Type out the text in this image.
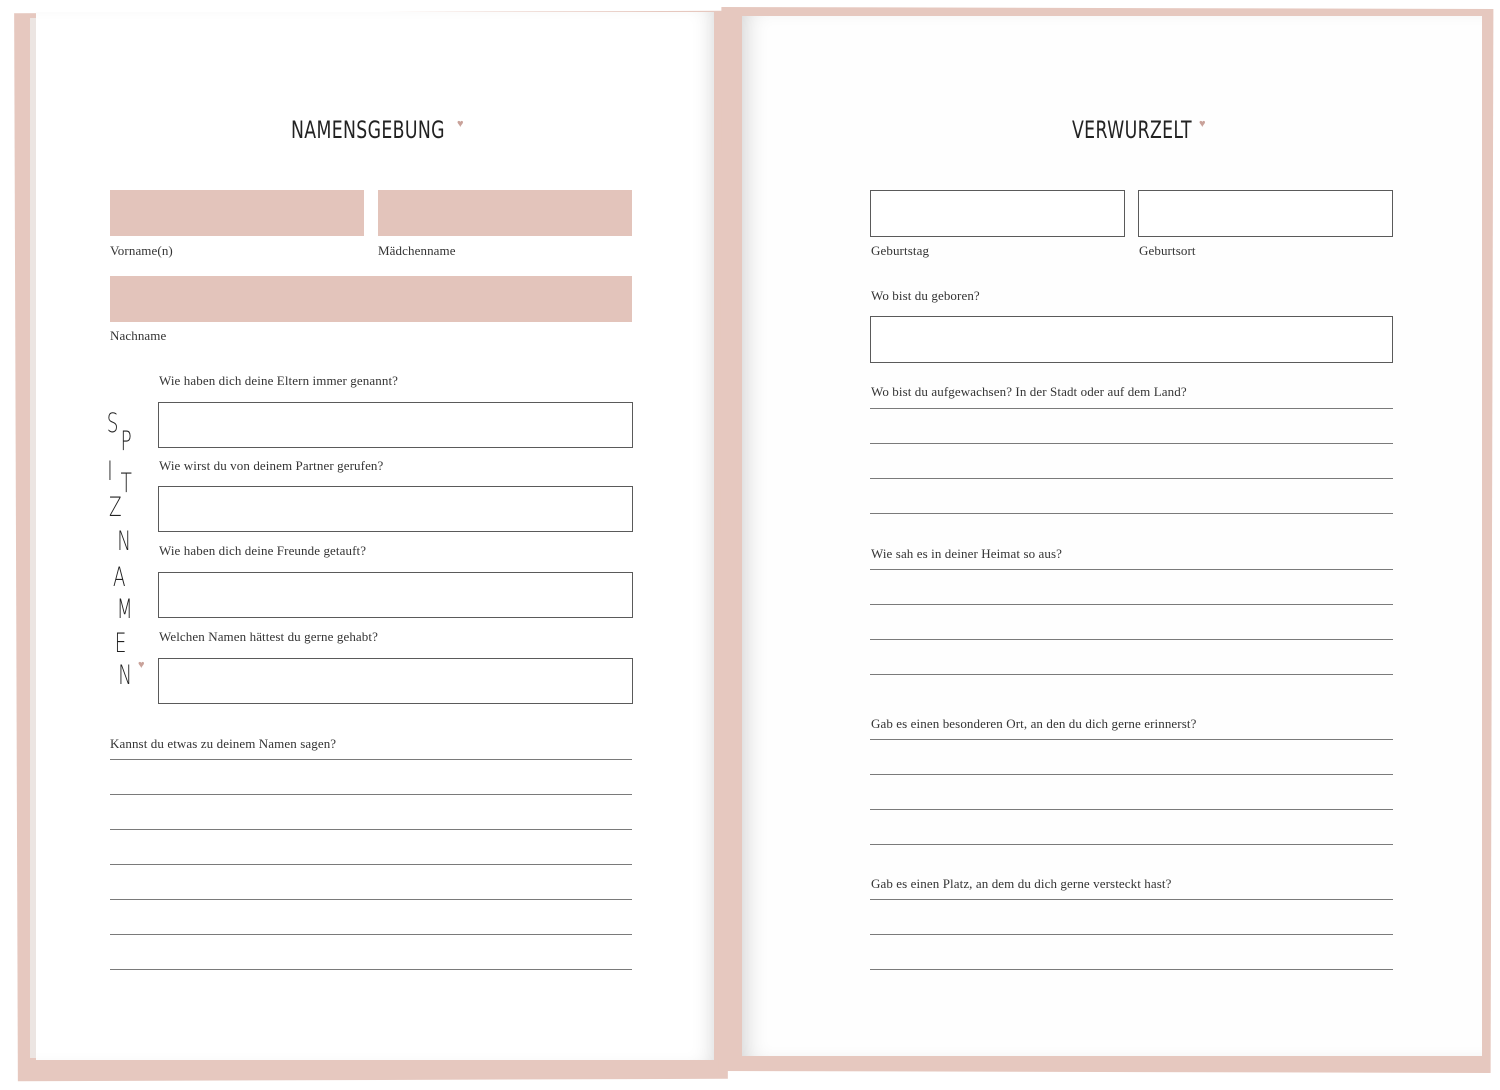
NAMENSGEBUNG ♥
Vorname(n)	Mädchenname
Nachname
S
P
I T
Z
N
A
M
E
N ♥
Wie haben dich deine Eltern immer genannt?
Wie wirst du von deinem Partner gerufen?
Wie haben dich deine Freunde getauft?
Welchen Namen hättest du gerne gehabt?
Kannst du etwas zu deinem Namen sagen?
VERWURZELT ♥
Geburtstag	Geburtsort
Wo bist du geboren?
Wo bist du aufgewachsen? In der Stadt oder auf dem Land?
Wie sah es in deiner Heimat so aus?
Gab es einen besonderen Ort, an den du dich gerne erinnerst?
Gab es einen Platz, an dem du dich gerne versteckt hast?
